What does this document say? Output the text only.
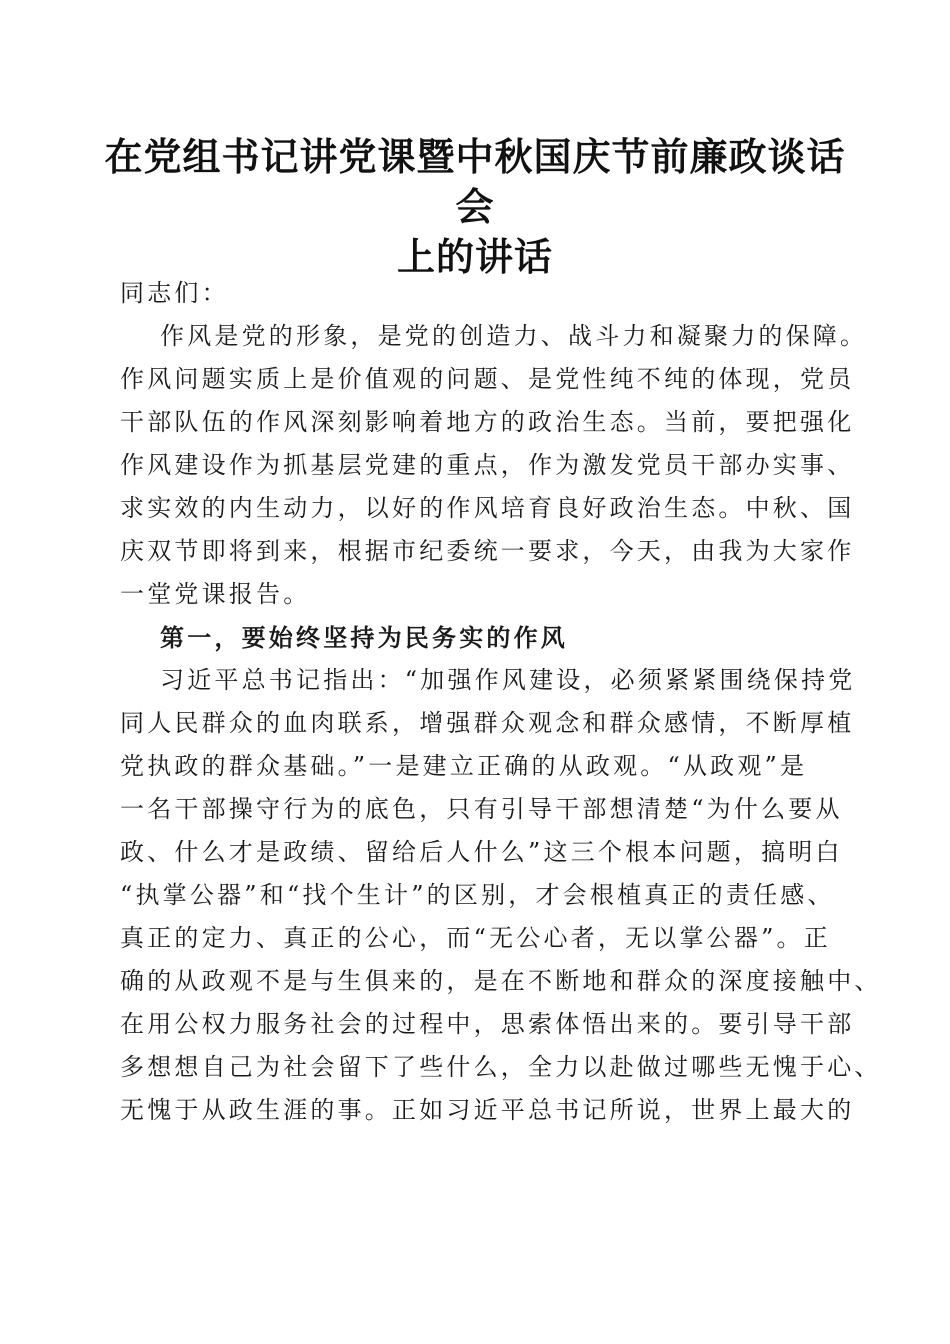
在党组书记讲党课暨中秋国庆节前廉政谈话会
上的讲话
同志们：
作风是党的形象，是党的创造力、战斗力和凝聚力的保障。
作风问题实质上是价值观的问题、是党性纯不纯的体现，党员
干部队伍的作风深刻影响着地方的政治生态。当前，要把强化
作风建设作为抓基层党建的重点，作为激发党员干部办实事、
求实效的内生动力，以好的作风培育良好政治生态。中秋、国
庆双节即将到来，根据市纪委统一要求，今天，由我为大家作
一堂党课报告。
第一，要始终坚持为民务实的作风
习近平总书记指出：“加强作风建设，必须紧紧围绕保持党
同人民群众的血肉联系，增强群众观念和群众感情，不断厚植
党执政的群众基础。”一是建立正确的从政观。“从政观”是
一名干部操守行为的底色，只有引导干部想清楚“为什么要从
政、什么才是政绩、留给后人什么”这三个根本问题，搞明白
“执掌公器”和“找个生计”的区别，才会根植真正的责任感、
真正的定力、真正的公心，而“无公心者，无以掌公器”。正
确的从政观不是与生俱来的，是在不断地和群众的深度接触中、
在用公权力服务社会的过程中，思索体悟出来的。要引导干部
多想想自己为社会留下了些什么，全力以赴做过哪些无愧于心、
无愧于从政生涯的事。正如习近平总书记所说，世界上最大的
